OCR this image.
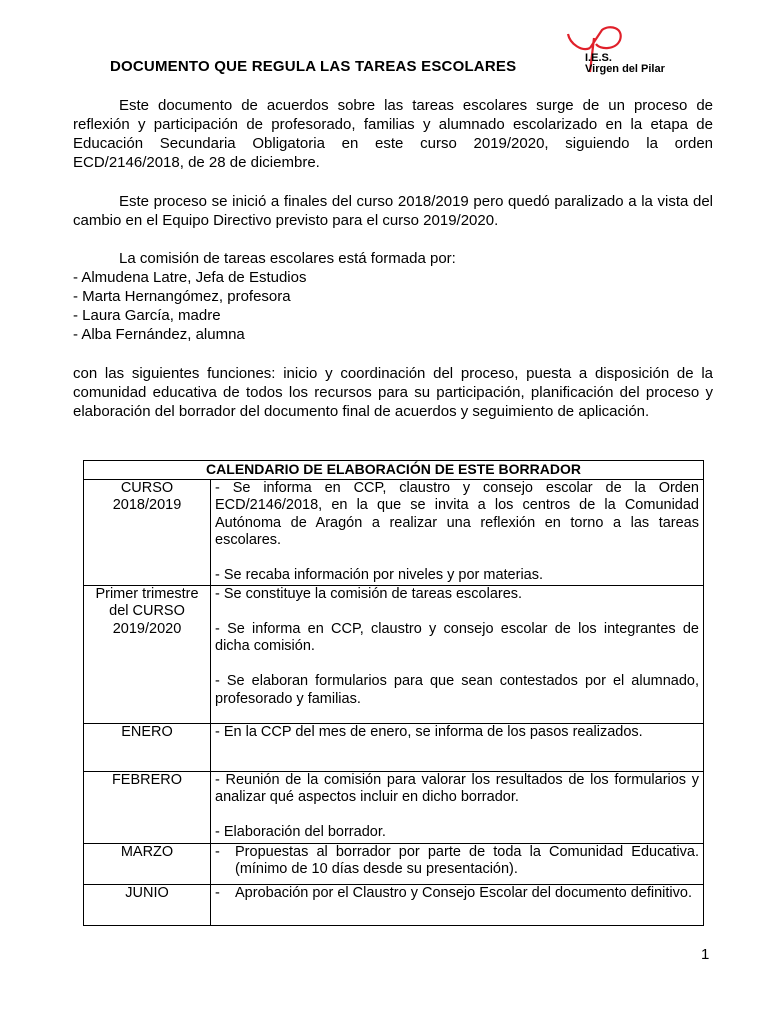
DOCUMENTO QUE REGULA LAS TAREAS ESCOLARES	I.E.S.
Virgen del Pilar
Este documento de acuerdos sobre las tareas escolares surge de un proceso de reflexión y participación de profesorado, familias y alumnado escolarizado en la etapa de Educación Secundaria Obligatoria en este curso 2019/2020, siguiendo la orden ECD/2146/2018, de 28 de diciembre.
Este proceso se inició a finales del curso 2018/2019 pero quedó paralizado a la vista del cambio en el Equipo Directivo previsto para el curso 2019/2020.
La comisión de tareas escolares está formada por:
- Almudena Latre, Jefa de Estudios
- Marta Hernangómez, profesora
- Laura García, madre
- Alba Fernández, alumna
con las siguientes funciones: inicio y coordinación del proceso, puesta a disposición de la comunidad educativa de todos los recursos para su participación, planificación del proceso y elaboración del borrador del documento final de acuerdos y seguimiento de aplicación.
CALENDARIO DE ELABORACIÓN DE ESTE BORRADOR	
CURSO 2018/2019	- Se informa en CCP, claustro y consejo escolar de la Orden ECD/2146/2018, en la que se invita a los centros de la Comunidad Autónoma de Aragón a realizar una reflexión en torno a las tareas escolares.
- Se recaba información por niveles y por materias.

Primer trimestre del CURSO 2019/2020	- Se constituye la comisión de tareas escolares.
- Se informa en CCP, claustro y consejo escolar de los integrantes de dicha comisión.
- Se elaboran formularios para que sean contestados por el alumnado, profesorado y familias.

ENERO	- En la CCP del mes de enero, se informa de los pasos realizados.

FEBRERO	- Reunión de la comisión para valorar los resultados de los formularios y analizar qué aspectos incluir en dicho borrador.
- Elaboración del borrador.

MARZO	- Propuestas al borrador por parte de toda la Comunidad Educativa. (mínimo de 10 días desde su presentación).

JUNIO	- Aprobación por el Claustro y Consejo Escolar del documento definitivo.
1
